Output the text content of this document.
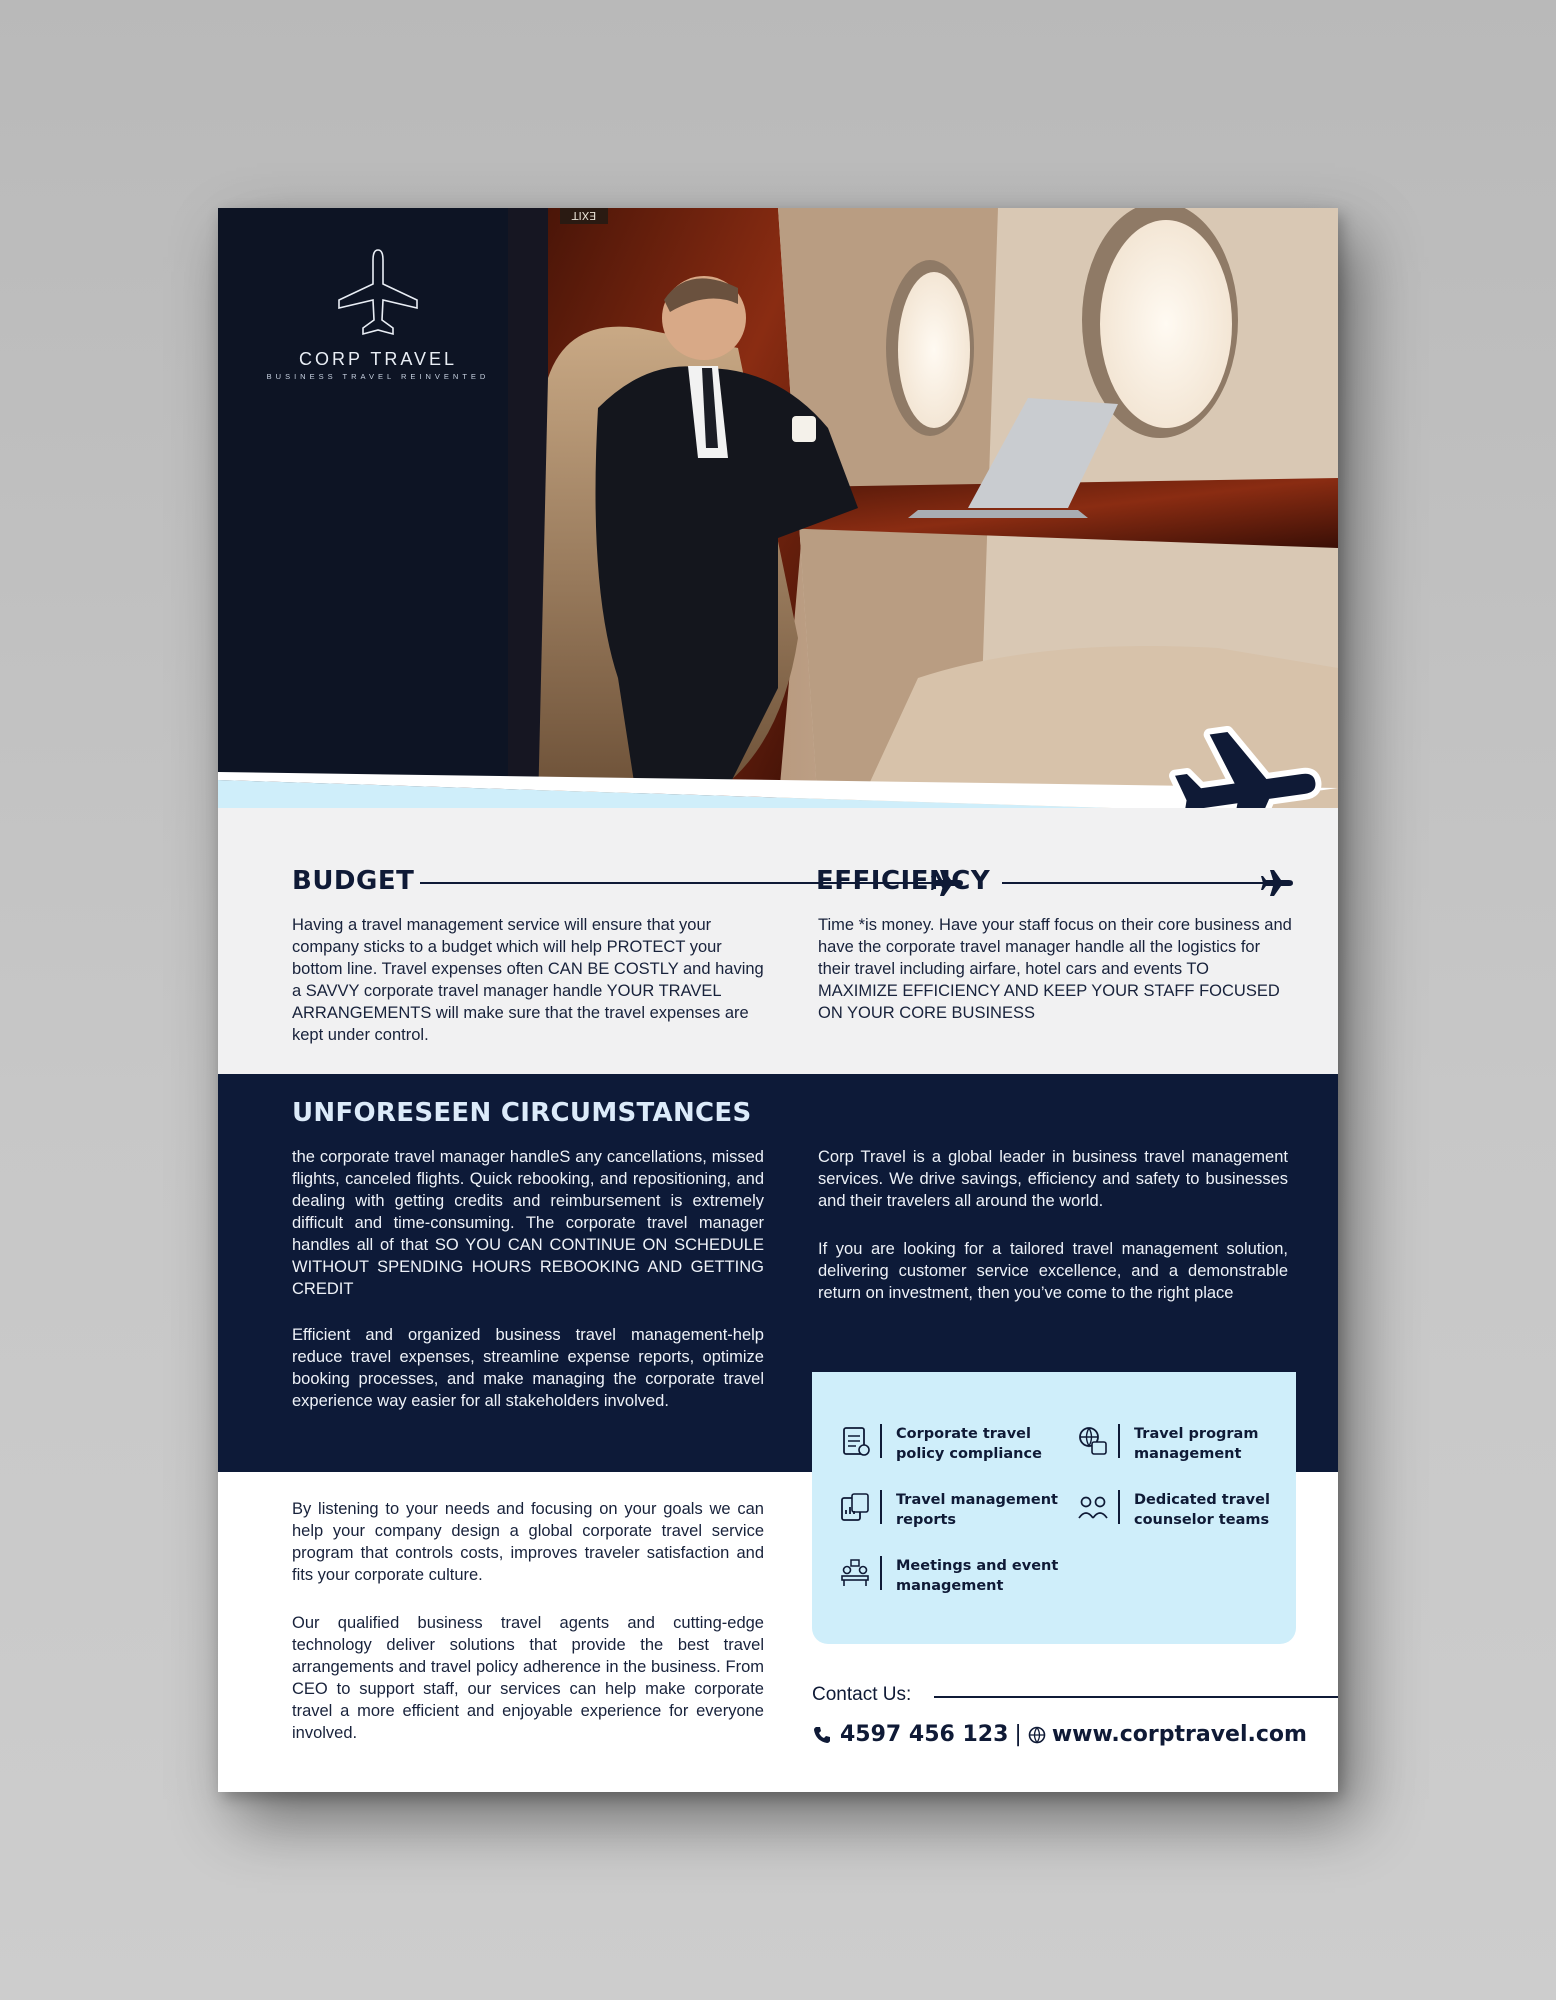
EXIT
CORP TRAVEL
BUSINESS TRAVEL REINVENTED
BUDGET
Having a travel management service will ensure that your company sticks to a budget which will help PROTECT your bottom line. Travel expenses often CAN BE COSTLY and having a SAVVY corporate travel manager handle YOUR TRAVEL ARRANGEMENTS will make sure that the travel expenses are kept under control.
EFFICIENCY
Time *is money. Have your staff focus on their core business and have the corporate travel manager handle all the logistics for their travel including airfare, hotel cars and events TO MAXIMIZE EFFICIENCY AND KEEP YOUR STAFF FOCUSED ON YOUR CORE BUSINESS
UNFORESEEN CIRCUMSTANCES
the corporate travel manager handleS any cancellations, missed flights, canceled flights. Quick rebooking, and repositioning, and dealing with getting credits and reimbursement is extremely difficult and time-consuming. The corporate travel manager handles all of that SO YOU CAN CONTINUE ON SCHEDULE WITHOUT SPENDING HOURS REBOOKING AND GETTING CREDIT
Efficient and organized business travel management-help reduce travel expenses, streamline expense reports, optimize booking processes, and make managing the corporate travel experience way easier for all stakeholders involved.
Corp Travel is a global leader in business travel management services. We drive savings, efficiency and safety to businesses and their travelers all around the world.
If you are looking for a tailored travel management solution, delivering customer service excellence, and a demonstrable return on investment, then you’ve come to the right place
By listening to your needs and focusing on your goals we can help your company design a global corporate travel service program that controls costs, improves traveler satisfaction and fits your corporate culture.
Our qualified business travel agents and cutting-edge technology deliver solutions that provide the best travel arrangements and travel policy adherence in the business. From CEO to support staff, our services can help make corporate travel a more efficient and enjoyable experience for everyone involved.
Corporate travel
policy compliance
Travel program
management
Travel management
reports
Dedicated travel
counselor teams
Meetings and event
management
Contact Us:
4597 456 123 | www.corptravel.com
